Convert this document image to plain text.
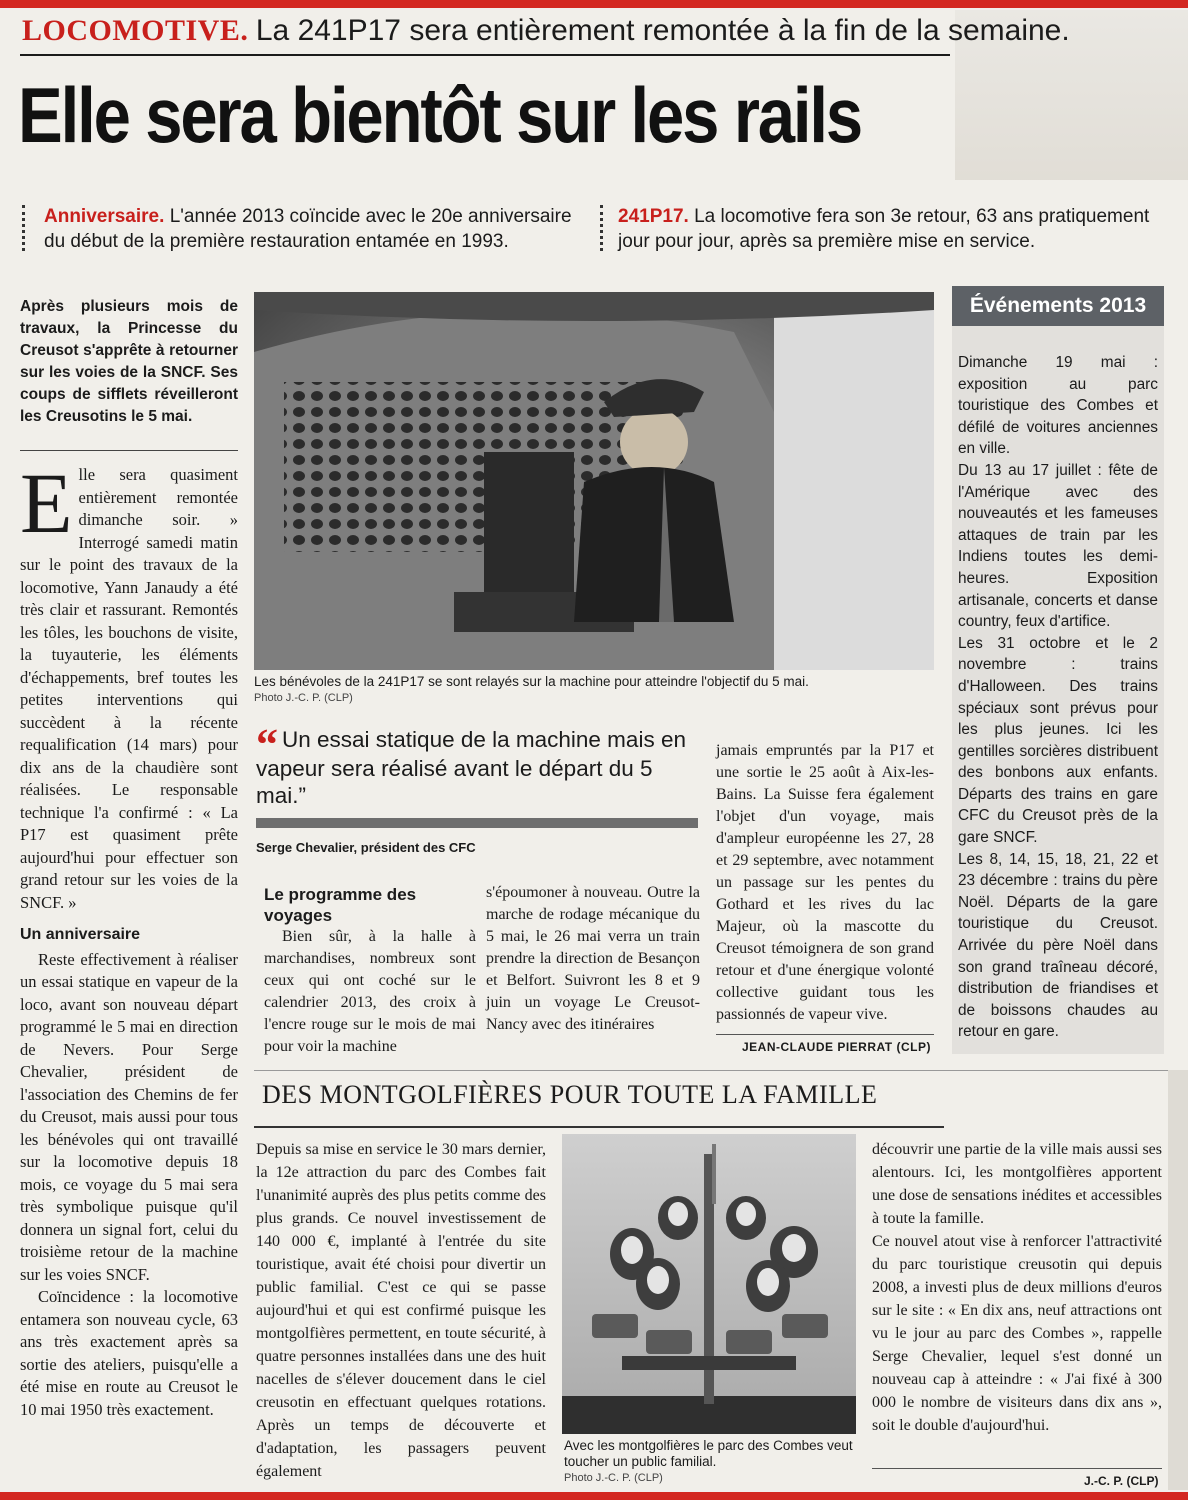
LOCOMOTIVE. La 241P17 sera entièrement remontée à la fin de la semaine.
Elle sera bientôt sur les rails
Anniversaire. L'année 2013 coïncide avec le 20e anniversaire du début de la première restauration entamée en 1993.
241P17. La locomotive fera son 3e retour, 63 ans pratiquement jour pour jour, après sa première mise en service.
Après plusieurs mois de travaux, la Princesse du Creusot s'apprête à retourner sur les voies de la SNCF. Ses coups de sifflets réveilleront les Creusotins le 5 mai.

Elle sera quasiment entièrement remontée dimanche soir. » Interrogé samedi matin sur le point des travaux de la locomotive, Yann Janaudy a été très clair et rassurant. Remontés les tôles, les bouchons de visite, la tuyauterie, les éléments d'échappements, bref toutes les petites interventions qui succèdent à la récente requalification (14 mars) pour dix ans de la chaudière sont réalisées. Le responsable technique l'a confirmé : « La P17 est quasiment prête aujourd'hui pour effectuer son grand retour sur les voies de la SNCF. »

Un anniversaire

Reste effectivement à réaliser un essai statique en vapeur de la loco, avant son nouveau départ programmé le 5 mai en direction de Nevers. Pour Serge Chevalier, président de l'association des Chemins de fer du Creusot, mais aussi pour tous les bénévoles qui ont travaillé sur la locomotive depuis 18 mois, ce voyage du 5 mai sera très symbolique puisque qu'il donnera un signal fort, celui du troisième retour de la machine sur les voies SNCF.

Coïncidence : la locomotive entamera son nouveau cycle, 63 ans très exactement après sa sortie des ateliers, puisqu'elle a été mise en route au Creusot le 10 mai 1950 très exactement.

Les bénévoles de la 241P17 se sont relayés sur la machine pour atteindre l'objectif du 5 mai.
Photo J.-C. P. (CLP)
“ Un essai statique de la machine mais en vapeur sera réalisé avant le départ du 5 mai.”
Serge Chevalier, président des CFC
Le programme des voyages

Bien sûr, à la halle à marchandises, nombreux sont ceux qui ont coché sur le calendrier 2013, des croix à l'encre rouge sur le mois de mai pour voir la machine

s'époumoner à nouveau. Outre la marche de rodage mécanique du 5 mai, le 26 mai verra un train prendre la direction de Besançon et Belfort. Suivront les 8 et 9 juin un voyage Le Creusot-Nancy avec des itinéraires

jamais empruntés par la P17 et une sortie le 25 août à Aix-les-Bains. La Suisse fera également l'objet d'un voyage, mais d'ampleur européenne les 27, 28 et 29 septembre, avec notamment un passage sur les pentes du Gothard et les rives du lac Majeur, où la mascotte du Creusot témoignera de son grand retour et d'une énergique volonté collective guidant tous les passionnés de vapeur vive.

JEAN-CLAUDE PIERRAT (CLP)
Événements 2013

Dimanche 19 mai : exposition au parc touristique des Combes et défilé de voitures anciennes en ville.

Du 13 au 17 juillet : fête de l'Amérique avec des nouveautés et les fameuses attaques de train par les Indiens toutes les demi-heures. Exposition artisanale, concerts et danse country, feux d'artifice.

Les 31 octobre et le 2 novembre : trains d'Halloween. Des trains spéciaux sont prévus pour les plus jeunes. Ici les gentilles sorcières distribuent des bonbons aux enfants. Départs des trains en gare CFC du Creusot près de la gare SNCF.

Les 8, 14, 15, 18, 21, 22 et 23 décembre : trains du père Noël. Départs de la gare touristique du Creusot. Arrivée du père Noël dans son grand traîneau décoré, distribution de friandises et de boissons chaudes au retour en gare.

DES MONTGOLFIÈRES POUR TOUTE LA FAMILLE

Depuis sa mise en service le 30 mars dernier, la 12e attraction du parc des Combes fait l'unanimité auprès des plus petits comme des plus grands. Ce nouvel investissement de 140 000 €, implanté à l'entrée du site touristique, avait été choisi pour divertir un public familial. C'est ce qui se passe aujourd'hui et qui est confirmé puisque les montgolfières permettent, en toute sécurité, à quatre personnes installées dans une des huit nacelles de s'élever doucement dans le ciel creusotin en effectuant quelques rotations. Après un temps de découverte et d'adaptation, les passagers peuvent également

Avec les montgolfières le parc des Combes veut toucher un public familial.
Photo J.-C. P. (CLP)

découvrir une partie de la ville mais aussi ses alentours. Ici, les montgolfières apportent une dose de sensations inédites et accessibles à toute la famille.

Ce nouvel atout vise à renforcer l'attractivité du parc touristique creusotin qui depuis 2008, a investi plus de deux millions d'euros sur le site : « En dix ans, neuf attractions ont vu le jour au parc des Combes », rappelle Serge Chevalier, lequel s'est donné un nouveau cap à atteindre : « J'ai fixé à 300 000 le nombre de visiteurs dans dix ans », soit le double d'aujourd'hui.

J.-C. P. (CLP)
